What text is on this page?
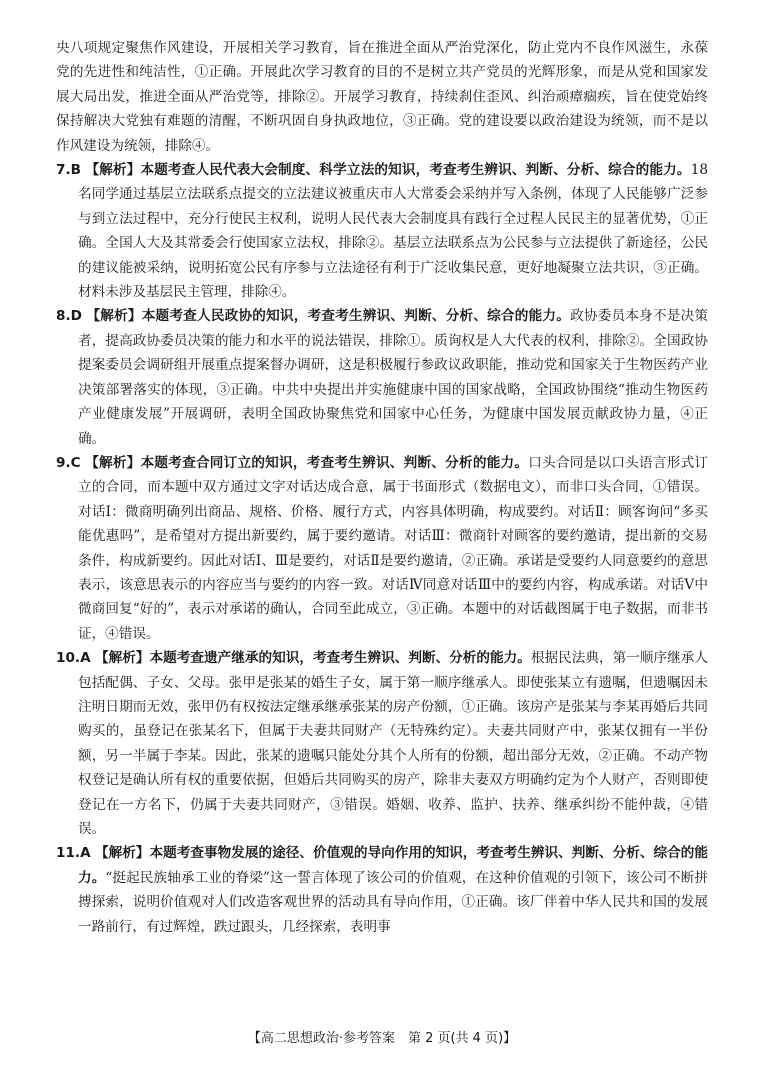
央八项规定聚焦作风建设，开展相关学习教育，旨在推进全面从严治党深化，防止党内不良作风滋生，永葆党的先进性和纯洁性，①正确。开展此次学习教育的目的不是树立共产党员的光辉形象，而是从党和国家发展大局出发，推进全面从严治党等，排除②。开展学习教育，持续刹住歪风、纠治顽瘴痼疾，旨在使党始终保持解决大党独有难题的清醒，不断巩固自身执政地位，③正确。党的建设要以政治建设为统领，而不是以作风建设为统领，排除④。

7.B 【解析】本题考查人民代表大会制度、科学立法的知识，考查考生辨识、判断、分析、综合的能力。18名同学通过基层立法联系点提交的立法建议被重庆市人大常委会采纳并写入条例，体现了人民能够广泛参与到立法过程中，充分行使民主权利，说明人民代表大会制度具有践行全过程人民民主的显著优势，①正确。全国人大及其常委会行使国家立法权，排除②。基层立法联系点为公民参与立法提供了新途径，公民的建议能被采纳，说明拓宽公民有序参与立法途径有利于广泛收集民意，更好地凝聚立法共识，③正确。材料未涉及基层民主管理，排除④。

8.D 【解析】本题考查人民政协的知识，考查考生辨识、判断、分析、综合的能力。政协委员本身不是决策者，提高政协委员决策的能力和水平的说法错误，排除①。质询权是人大代表的权利，排除②。全国政协提案委员会调研组开展重点提案督办调研，这是积极履行参政议政职能，推动党和国家关于生物医药产业决策部署落实的体现，③正确。中共中央提出并实施健康中国的国家战略，全国政协围绕“推动生物医药产业健康发展”开展调研，表明全国政协聚焦党和国家中心任务，为健康中国发展贡献政协力量，④正确。

9.C 【解析】本题考查合同订立的知识，考查考生辨识、判断、分析的能力。口头合同是以口头语言形式订立的合同，而本题中双方通过文字对话达成合意，属于书面形式（数据电文），而非口头合同，①错误。对话Ⅰ：微商明确列出商品、规格、价格、履行方式，内容具体明确，构成要约。对话Ⅱ：顾客询问“多买能优惠吗”，是希望对方提出新要约，属于要约邀请。对话Ⅲ：微商针对顾客的要约邀请，提出新的交易条件，构成新要约。因此对话Ⅰ、Ⅲ是要约，对话Ⅱ是要约邀请，②正确。承诺是受要约人同意要约的意思表示，该意思表示的内容应当与要约的内容一致。对话Ⅳ同意对话Ⅲ中的要约内容，构成承诺。对话Ⅴ中微商回复“好的”，表示对承诺的确认，合同至此成立，③正确。本题中的对话截图属于电子数据，而非书证，④错误。

10.A 【解析】本题考查遗产继承的知识，考查考生辨识、判断、分析的能力。根据民法典，第一顺序继承人包括配偶、子女、父母。张甲是张某的婚生子女，属于第一顺序继承人。即使张某立有遗嘱，但遗嘱因未注明日期而无效，张甲仍有权按法定继承继承张某的房产份额，①正确。该房产是张某与李某再婚后共同购买的，虽登记在张某名下，但属于夫妻共同财产（无特殊约定）。夫妻共同财产中，张某仅拥有一半份额，另一半属于李某。因此，张某的遗嘱只能处分其个人所有的份额，超出部分无效，②正确。不动产物权登记是确认所有权的重要依据，但婚后共同购买的房产，除非夫妻双方明确约定为个人财产，否则即使登记在一方名下，仍属于夫妻共同财产，③错误。婚姻、收养、监护、扶养、继承纠纷不能仲裁，④错误。

11.A 【解析】本题考查事物发展的途径、价值观的导向作用的知识，考查考生辨识、判断、分析、综合的能力。“挺起民族轴承工业的脊梁”这一誓言体现了该公司的价值观，在这种价值观的引领下，该公司不断拼搏探索，说明价值观对人们改造客观世界的活动具有导向作用，①正确。该厂伴着中华人民共和国的发展一路前行，有过辉煌，跌过跟头，几经探索，表明事

【高二思想政治·参考答案　第 2 页(共 4 页)】
